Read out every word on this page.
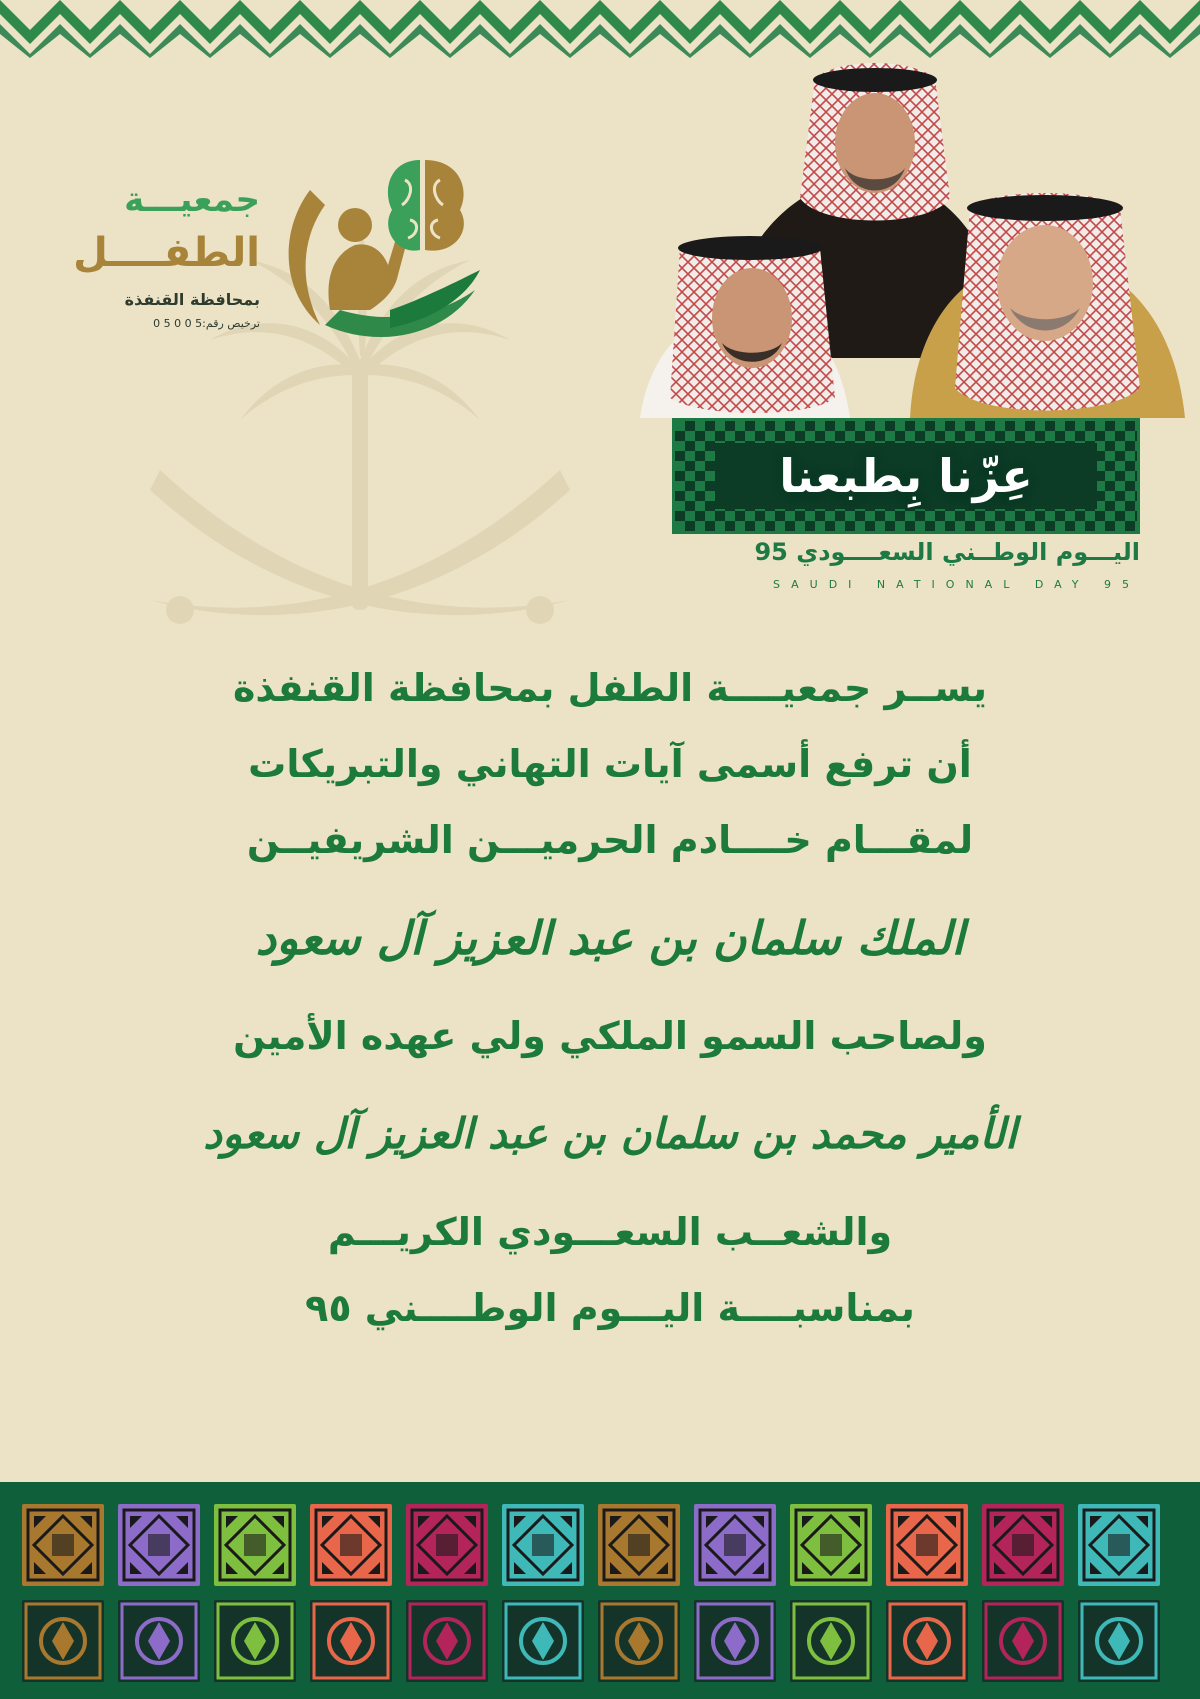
جمعيـــة
الطفــــل
بمحافظة القنفذة
ترخيص رقم:5 0 0 5 0
عِزّنا بِطبعنا
اليـــوم الوطــني السعــــودي 95
SAUDI NATIONAL DAY 95
يســر جمعيــــة الطفل بمحافظة القنفذة
أن ترفع أسمى آيات التهاني والتبريكات
لمقـــام خــــادم الحرميـــن الشريفيــن
الملك سلمان بن عبد العزيز آل سعود
ولصاحب السمو الملكي ولي عهده الأمين
الأمير محمد بن سلمان بن عبد العزيز آل سعود
والشعــب السعـــودي الكريـــم
بمناسبــــة اليـــوم الوطــــني ٩٥
